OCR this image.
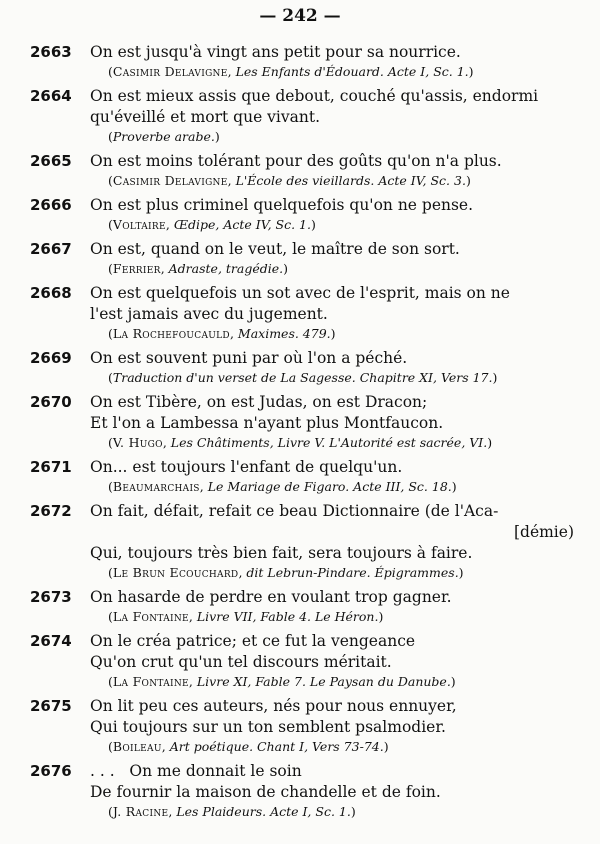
— 242 —
2663 On est jusqu'à vingt ans petit pour sa nourrice.
(Casimir Delavigne, Les Enfants d'Édouard. Acte I, Sc. 1.)
2664 On est mieux assis que debout, couché qu'assis, endormi
qu'éveillé et mort que vivant.
(Proverbe arabe.)
2665 On est moins tolérant pour des goûts qu'on n'a plus.
(Casimir Delavigne, L'École des vieillards. Acte IV, Sc. 3.)
2666 On est plus criminel quelquefois qu'on ne pense.
(Voltaire, Œdipe, Acte IV, Sc. 1.)
2667 On est, quand on le veut, le maître de son sort.
(Ferrier, Adraste, tragédie.)
2668 On est quelquefois un sot avec de l'esprit, mais on ne
l'est jamais avec du jugement.
(La Rochefoucauld, Maximes. 479.)
2669 On est souvent puni par où l'on a péché.
(Traduction d'un verset de La Sagesse. Chapitre XI, Vers 17.)
2670 On est Tibère, on est Judas, on est Dracon;
Et l'on a Lambessa n'ayant plus Montfaucon.
(V. Hugo, Les Châtiments, Livre V. L'Autorité est sacrée, VI.)
2671 On... est toujours l'enfant de quelqu'un.
(Beaumarchais, Le Mariage de Figaro. Acte III, Sc. 18.)
2672 On fait, défait, refait ce beau Dictionnaire (de l'Aca-
[démie)
Qui, toujours très bien fait, sera toujours à faire.
(Le Brun Ecouchard, dit Lebrun-Pindare. Épigrammes.)
2673 On hasarde de perdre en voulant trop gagner.
(La Fontaine, Livre VII, Fable 4. Le Héron.)
2674 On le créa patrice; et ce fut la vengeance
Qu'on crut qu'un tel discours méritait.
(La Fontaine, Livre XI, Fable 7. Le Paysan du Danube.)
2675 On lit peu ces auteurs, nés pour nous ennuyer,
Qui toujours sur un ton semblent psalmodier.
(Boileau, Art poétique. Chant I, Vers 73-74.)
2676 . . .   On me donnait le soin
De fournir la maison de chandelle et de foin.
(J. Racine, Les Plaideurs. Acte I, Sc. 1.)
